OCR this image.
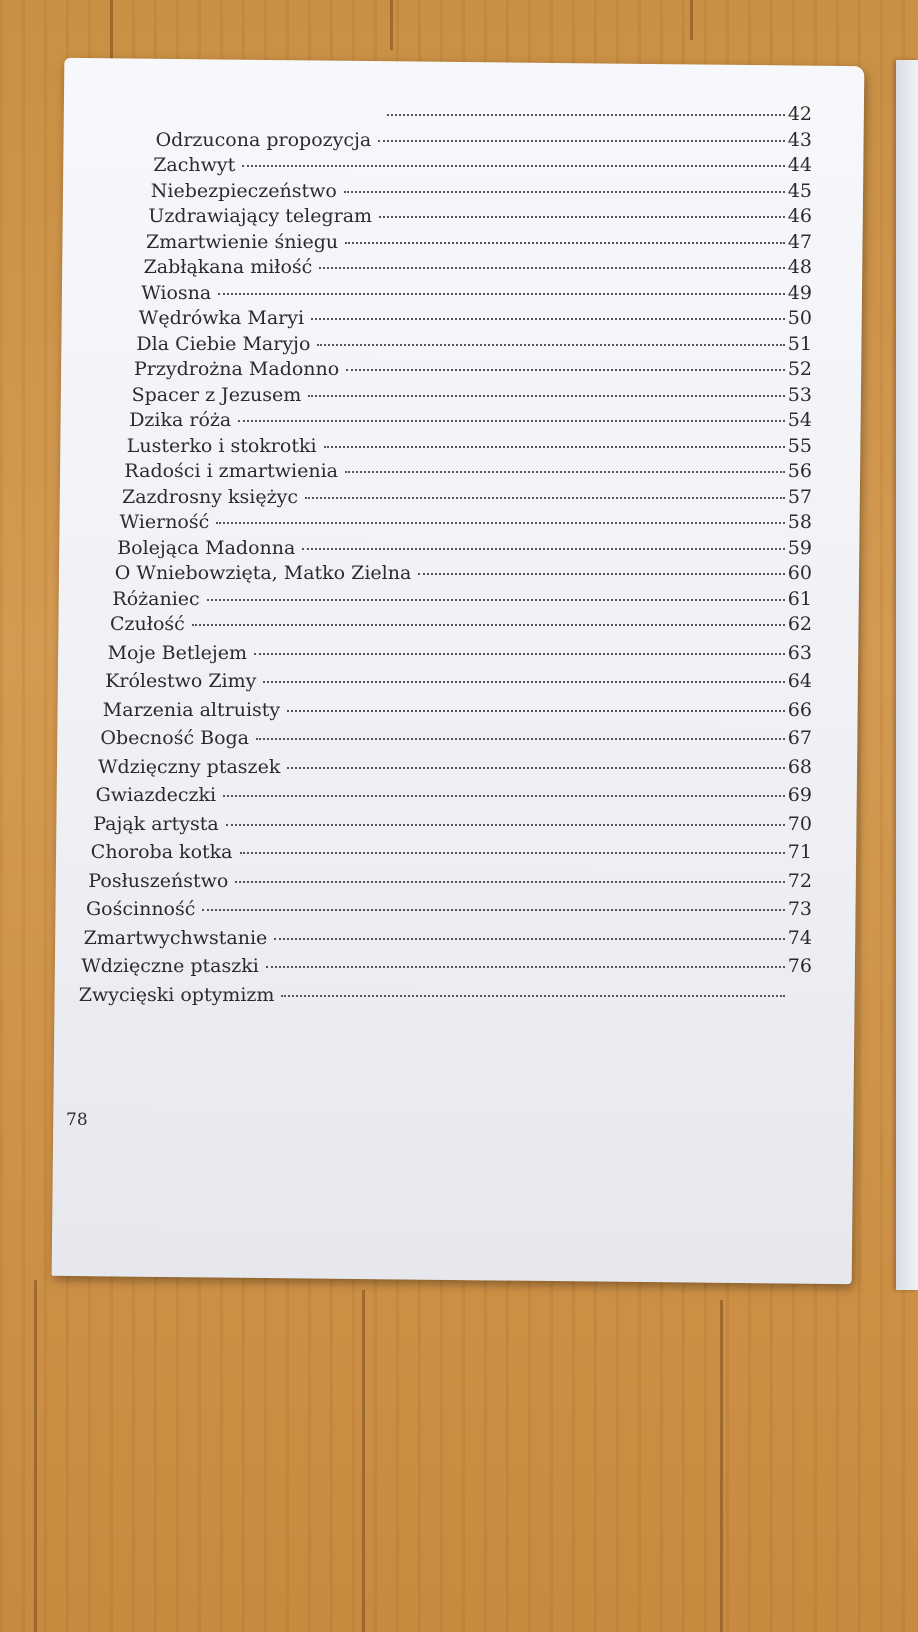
42
Odrzucona propozycja	43
Zachwyt	44
Niebezpieczeństwo	45
Uzdrawiający telegram	46
Zmartwienie śniegu	47
Zabłąkana miłość	48
Wiosna	49
Wędrówka Maryi	50
Dla Ciebie Maryjo	51
Przydrożna Madonno	52
Spacer z Jezusem	53
Dzika róża	54
Lusterko i stokrotki	55
Radości i zmartwienia	56
Zazdrosny księżyc	57
Wierność	58
Bolejąca Madonna	59
O Wniebowzięta, Matko Zielna	60
Różaniec	61
Czułość	62
Moje Betlejem	63
Królestwo Zimy	64
Marzenia altruisty	66
Obecność Boga	67
Wdzięczny ptaszek	68
Gwiazdeczki	69
Pająk artysta	70
Choroba kotka	71
Posłuszeństwo	72
Gościnność	73
Zmartwychwstanie	74
Wdzięczne ptaszki	76
Zwycięski optymizm
78
